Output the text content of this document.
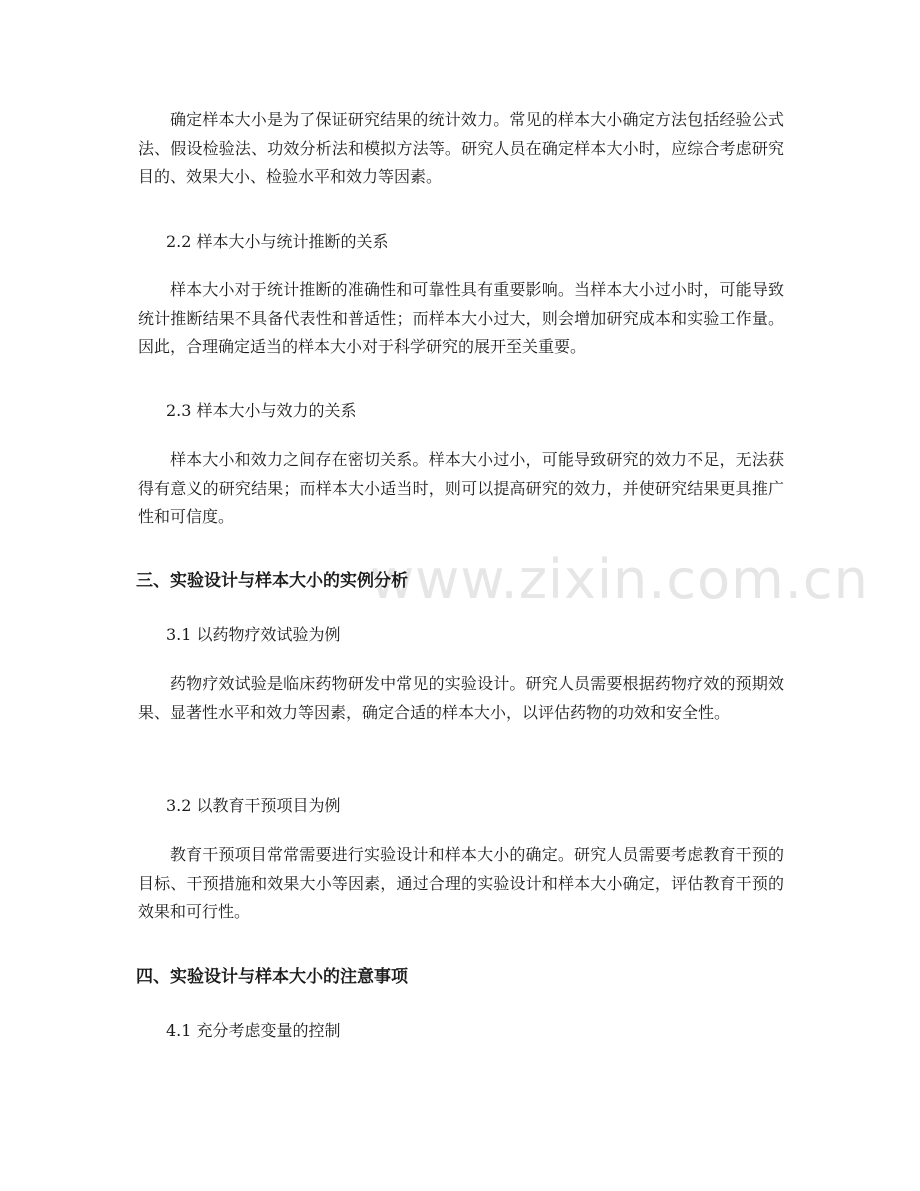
www.zixin.com.cn

确定样本大小是为了保证研究结果的统计效力。常见的样本大小确定方法包括经验公式法、假设检验法、功效分析法和模拟方法等。研究人员在确定样本大小时，应综合考虑研究目的、效果大小、检验水平和效力等因素。

2.2 样本大小与统计推断的关系

样本大小对于统计推断的准确性和可靠性具有重要影响。当样本大小过小时，可能导致统计推断结果不具备代表性和普适性；而样本大小过大，则会增加研究成本和实验工作量。因此，合理确定适当的样本大小对于科学研究的展开至关重要。

2.3 样本大小与效力的关系

样本大小和效力之间存在密切关系。样本大小过小，可能导致研究的效力不足，无法获得有意义的研究结果；而样本大小适当时，则可以提高研究的效力，并使研究结果更具推广性和可信度。

三、实验设计与样本大小的实例分析

3.1 以药物疗效试验为例

药物疗效试验是临床药物研发中常见的实验设计。研究人员需要根据药物疗效的预期效果、显著性水平和效力等因素，确定合适的样本大小，以评估药物的功效和安全性。

3.2 以教育干预项目为例

教育干预项目常常需要进行实验设计和样本大小的确定。研究人员需要考虑教育干预的目标、干预措施和效果大小等因素，通过合理的实验设计和样本大小确定，评估教育干预的效果和可行性。

四、实验设计与样本大小的注意事项

4.1 充分考虑变量的控制
